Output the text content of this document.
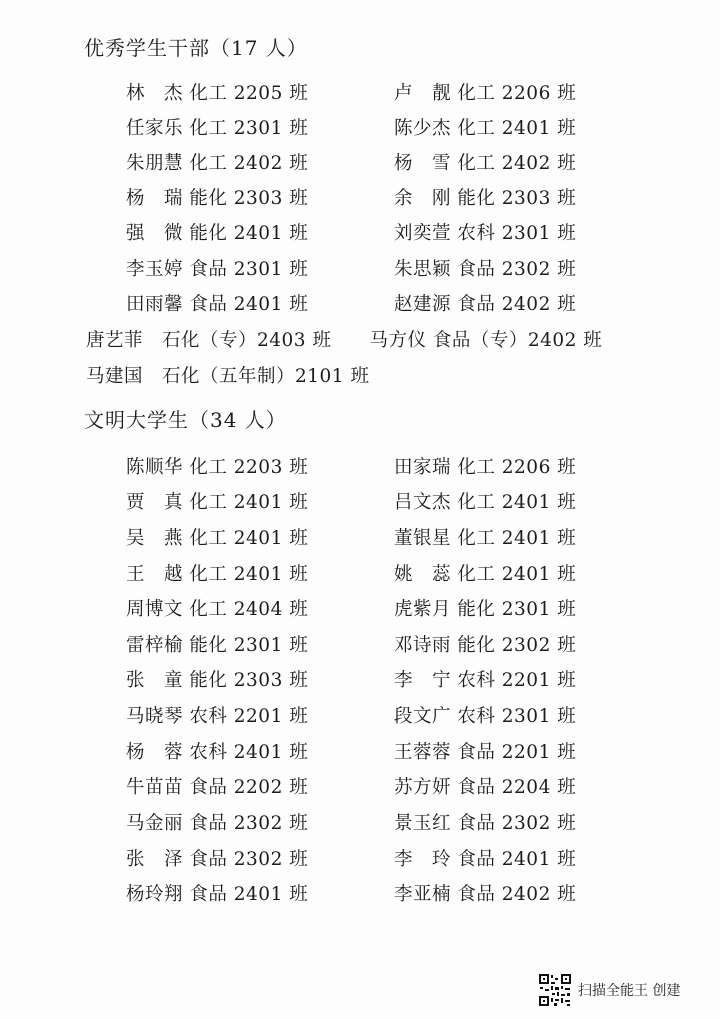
优秀学生干部（17 人）
林　杰 化工 2205 班	卢　靓 化工 2206 班
任家乐 化工 2301 班	陈少杰 化工 2401 班
朱朋慧 化工 2402 班	杨　雪 化工 2402 班
杨　瑞 能化 2303 班	余　刚 能化 2303 班
强　微 能化 2401 班	刘奕萱 农科 2301 班
李玉婷 食品 2301 班	朱思颖 食品 2302 班
田雨馨 食品 2401 班	赵建源 食品 2402 班
唐艺菲　石化（专）2403 班　　马方仪 食品（专）2402 班
马建国　石化（五年制）2101 班
文明大学生（34 人）
陈顺华 化工 2203 班	田家瑞 化工 2206 班
贾　真 化工 2401 班	吕文杰 化工 2401 班
吴　燕 化工 2401 班	董银星 化工 2401 班
王　越 化工 2401 班	姚　蕊 化工 2401 班
周博文 化工 2404 班	虎紫月 能化 2301 班
雷梓榆 能化 2301 班	邓诗雨 能化 2302 班
张　童 能化 2303 班	李　宁 农科 2201 班
马晓琴 农科 2201 班	段文广 农科 2301 班
杨　蓉 农科 2401 班	王蓉蓉 食品 2201 班
牛苗苗 食品 2202 班	苏方妍 食品 2204 班
马金丽 食品 2302 班	景玉红 食品 2302 班
张　泽 食品 2302 班	李　玲 食品 2401 班
杨玲翔 食品 2401 班	李亚楠 食品 2402 班
扫描全能王 创建
